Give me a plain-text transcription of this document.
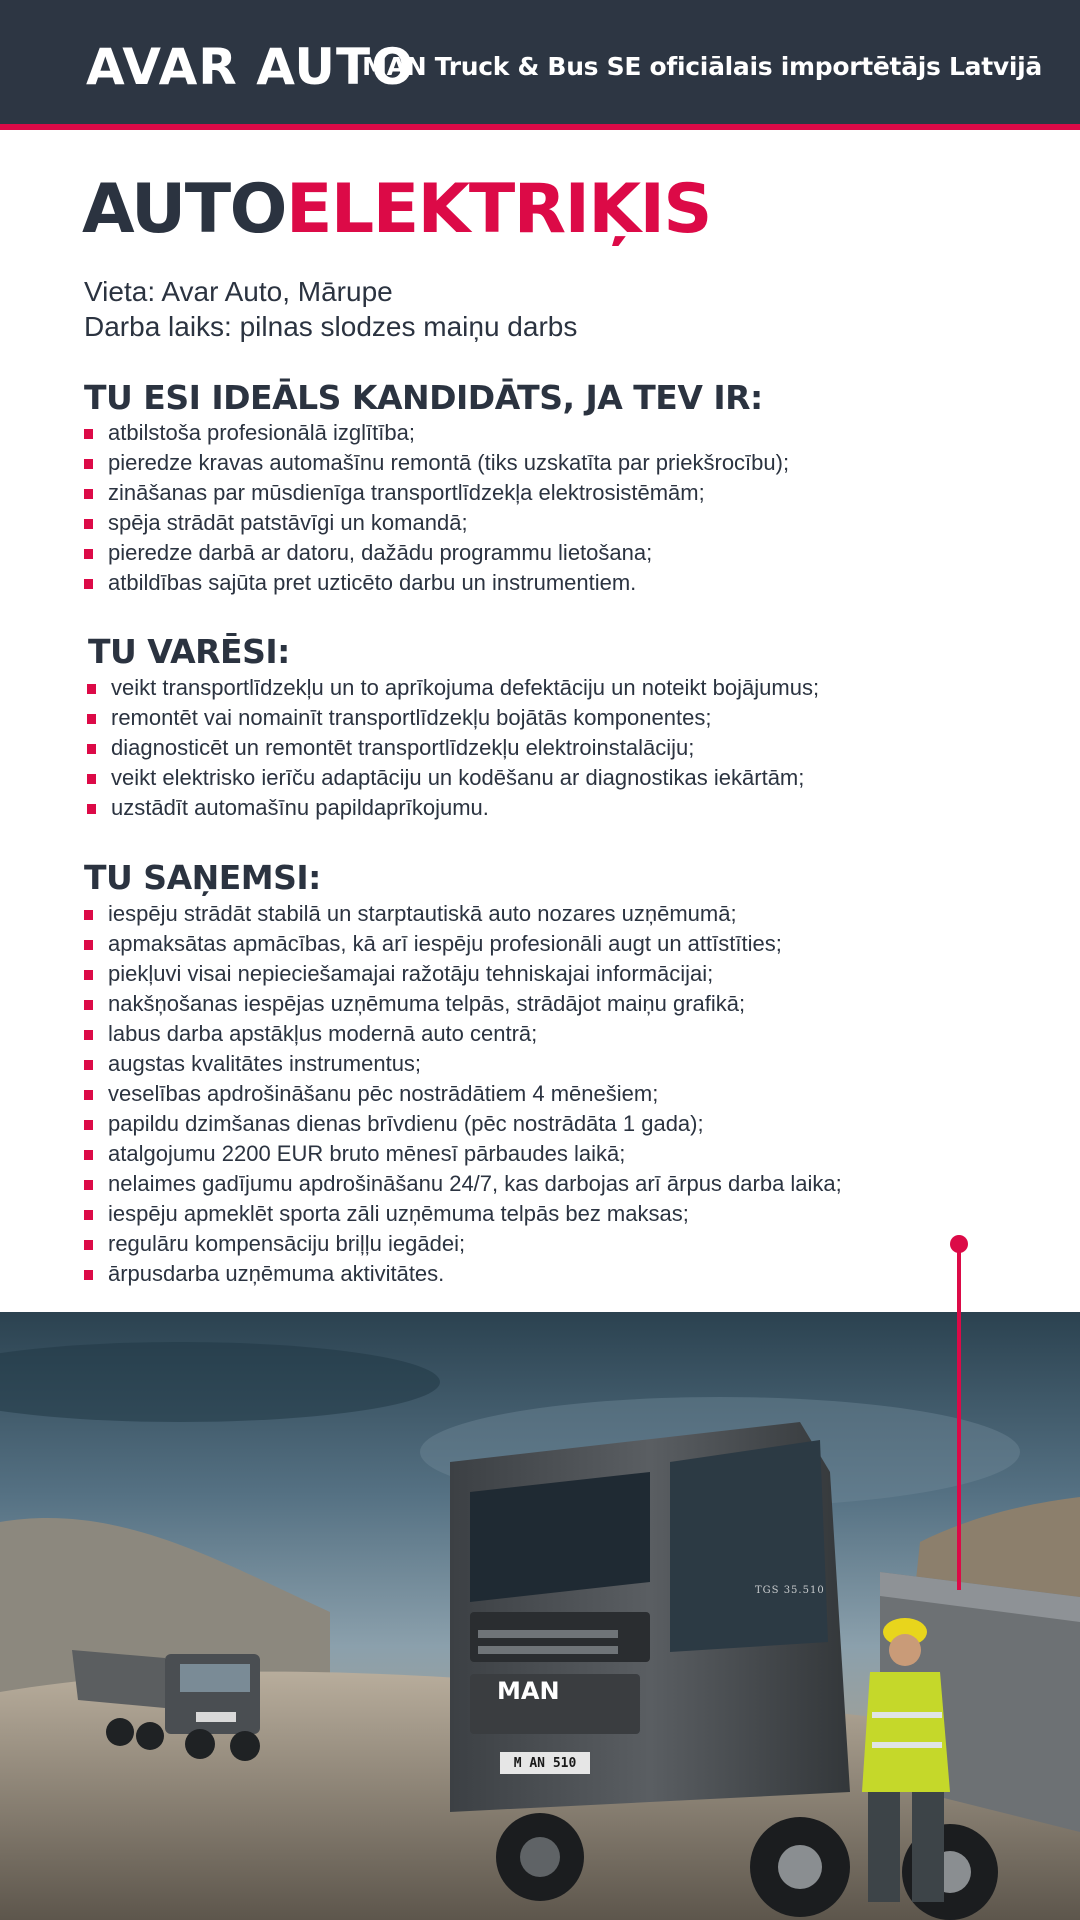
AVAR AUTO
MAN Truck & Bus SE oficiālais importētājs Latvijā
AUTOELEKTRIĶIS
Vieta: Avar Auto, Mārupe
Darba laiks: pilnas slodzes maiņu darbs
TU ESI IDEĀLS KANDIDĀTS, JA TEV IR:
atbilstoša profesionālā izglītība;
pieredze kravas automašīnu remontā (tiks uzskatīta par priekšrocību);
zināšanas par mūsdienīga transportlīdzekļa elektrosistēmām;
spēja strādāt patstāvīgi un komandā;
pieredze darbā ar datoru, dažādu programmu lietošana;
atbildības sajūta pret uzticēto darbu un instrumentiem.
TU VARĒSI:
veikt transportlīdzekļu un to aprīkojuma defektāciju un noteikt bojājumus;
remontēt vai nomainīt transportlīdzekļu bojātās komponentes;
diagnosticēt un remontēt transportlīdzekļu elektroinstalāciju;
veikt elektrisko ierīču adaptāciju un kodēšanu ar diagnostikas iekārtām;
uzstādīt automašīnu papildaprīkojumu.
TU SAŅEMSI:
iespēju strādāt stabilā un starptautiskā auto nozares uzņēmumā;
apmaksātas apmācības, kā arī iespēju profesionāli augt un attīstīties;
piekļuvi visai nepieciešamajai ražotāju tehniskajai informācijai;
nakšņošanas iespējas uzņēmuma telpās, strādājot maiņu grafikā;
labus darba apstākļus modernā auto centrā;
augstas kvalitātes instrumentus;
veselības apdrošināšanu pēc nostrādātiem 4 mēnešiem;
papildu dzimšanas dienas brīvdienu (pēc nostrādāta 1 gada);
atalgojumu 2200 EUR bruto mēnesī pārbaudes laikā;
nelaimes gadījumu apdrošināšanu 24/7, kas darbojas arī ārpus darba laika;
iespēju apmeklēt sporta zāli uzņēmuma telpās bez maksas;
regulāru kompensāciju briļļu iegādei;
ārpusdarba uzņēmuma aktivitātes.
MAN
M AN 510
TGS 35.510
